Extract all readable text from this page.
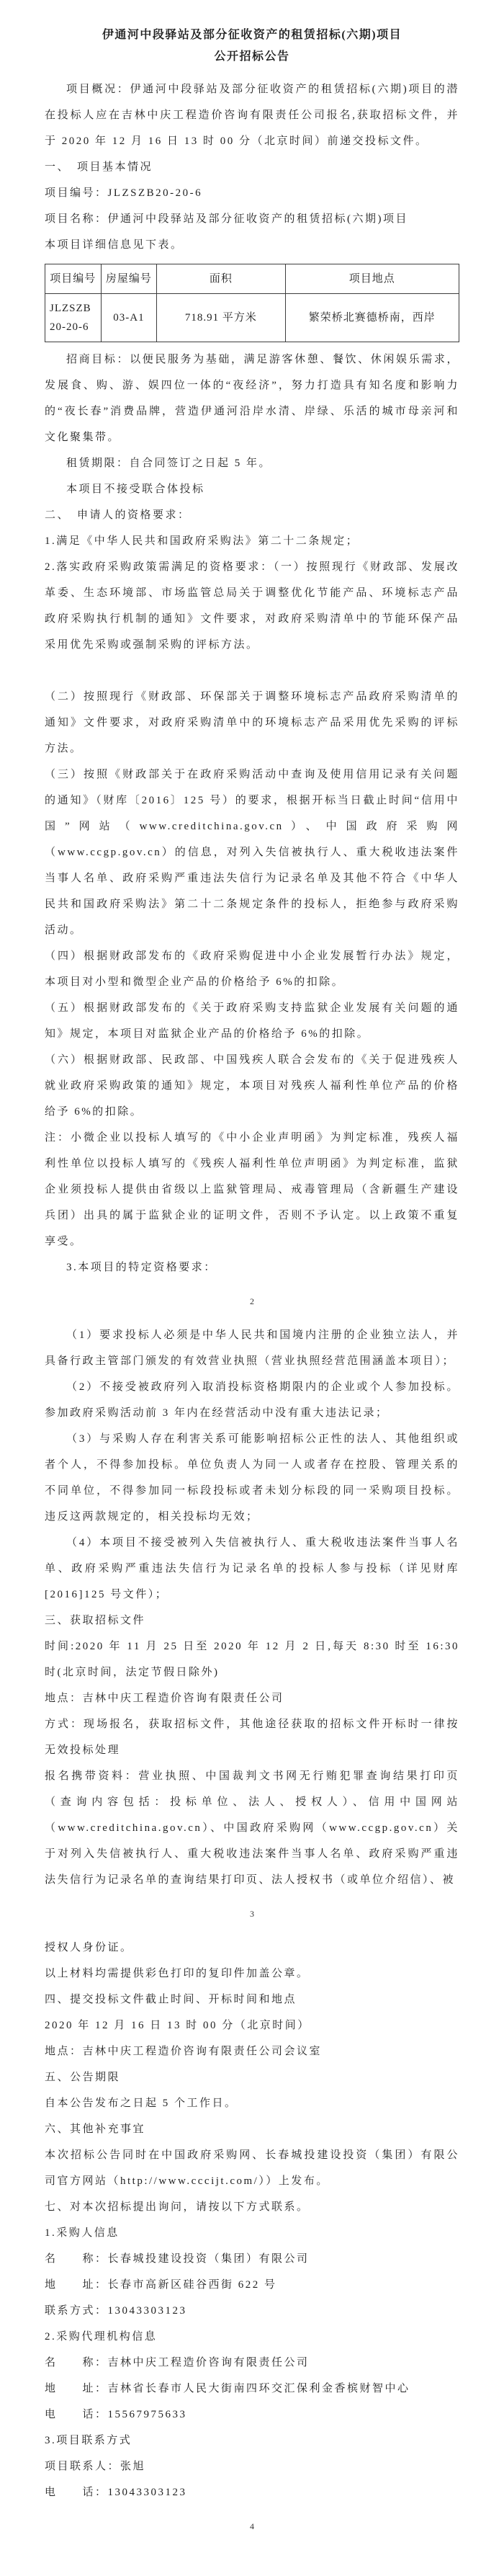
伊通河中段驿站及部分征收资产的租赁招标(六期)项目

公开招标公告

项目概况：伊通河中段驿站及部分征收资产的租赁招标(六期)项目的潜在投标人应在吉林中庆工程造价咨询有限责任公司报名,获取招标文件，并于 2020 年 12 月 16 日 13 时 00 分（北京时间）前递交投标文件。

一、　项目基本情况

项目编号：JLZSZB20-20-6

项目名称：伊通河中段驿站及部分征收资产的租赁招标(六期)项目

本项目详细信息见下表。

项目编号	房屋编号	面积	项目地点
JLZSZB20-20-6	03-A1	718.91 平方米	繁荣桥北赛德桥南，西岸

招商目标：以便民服务为基础，满足游客休憩、餐饮、休闲娱乐需求，发展食、购、游、娱四位一体的“夜经济”，努力打造具有知名度和影响力的“夜长春”消费品牌，营造伊通河沿岸水清、岸绿、乐活的城市母亲河和文化聚集带。

租赁期限：自合同签订之日起 5 年。

本项目不接受联合体投标

二、　申请人的资格要求：

1.满足《中华人民共和国政府采购法》第二十二条规定；

2.落实政府采购政策需满足的资格要求：（一）按照现行《财政部、发展改革委、生态环境部、市场监管总局关于调整优化节能产品、环境标志产品政府采购执行机制的通知》文件要求，对政府采购清单中的节能环保产品采用优先采购或强制采购的评标方法。

（二）按照现行《财政部、环保部关于调整环境标志产品政府采购清单的通知》文件要求，对政府采购清单中的环境标志产品采用优先采购的评标方法。

（三）按照《财政部关于在政府采购活动中查询及使用信用记录有关问题的通知》（财库〔2016〕125 号）的要求，根据开标当日截止时间“信用中国”网站（www.creditchina.gov.cn）、中国政府采购网（www.ccgp.gov.cn）的信息，对列入失信被执行人、重大税收违法案件当事人名单、政府采购严重违法失信行为记录名单及其他不符合《中华人民共和国政府采购法》第二十二条规定条件的投标人，拒绝参与政府采购活动。

（四）根据财政部发布的《政府采购促进中小企业发展暂行办法》规定，本项目对小型和微型企业产品的价格给予 6%的扣除。

（五）根据财政部发布的《关于政府采购支持监狱企业发展有关问题的通知》规定，本项目对监狱企业产品的价格给予 6%的扣除。

（六）根据财政部、民政部、中国残疾人联合会发布的《关于促进残疾人就业政府采购政策的通知》规定，本项目对残疾人福利性单位产品的价格给予 6%的扣除。

注：小微企业以投标人填写的《中小企业声明函》为判定标准，残疾人福利性单位以投标人填写的《残疾人福利性单位声明函》为判定标准，监狱企业须投标人提供由省级以上监狱管理局、戒毒管理局（含新疆生产建设兵团）出具的属于监狱企业的证明文件，否则不予认定。以上政策不重复享受。

3.本项目的特定资格要求：

2

（1）要求投标人必须是中华人民共和国境内注册的企业独立法人，并具备行政主管部门颁发的有效营业执照（营业执照经营范围涵盖本项目）；

（2）不接受被政府列入取消投标资格期限内的企业或个人参加投标。参加政府采购活动前 3 年内在经营活动中没有重大违法记录；

（3）与采购人存在利害关系可能影响招标公正性的法人、其他组织或者个人，不得参加投标。单位负责人为同一人或者存在控股、管理关系的不同单位，不得参加同一标段投标或者未划分标段的同一采购项目投标。违反这两款规定的，相关投标均无效；

（4）本项目不接受被列入失信被执行人、重大税收违法案件当事人名单、政府采购严重违法失信行为记录名单的投标人参与投标（详见财库[2016]125 号文件）；

三、获取招标文件

时间:2020 年 11 月 25 日至 2020 年 12 月 2 日,每天 8:30 时至 16:30 时(北京时间，法定节假日除外)

地点：吉林中庆工程造价咨询有限责任公司

方式：现场报名，获取招标文件，其他途径获取的招标文件开标时一律按无效投标处理

报名携带资料：营业执照、中国裁判文书网无行贿犯罪查询结果打印页（查询内容包括：投标单位、法人、授权人）、信用中国网站（www.creditchina.gov.cn）、中国政府采购网（www.ccgp.gov.cn）关于对列入失信被执行人、重大税收违法案件当事人名单、政府采购严重违法失信行为记录名单的查询结果打印页、法人授权书（或单位介绍信）、被

3

授权人身份证。

以上材料均需提供彩色打印的复印件加盖公章。

四、提交投标文件截止时间、开标时间和地点

2020 年 12 月 16 日 13 时 00 分（北京时间）

地点：吉林中庆工程造价咨询有限责任公司会议室

五、公告期限

自本公告发布之日起 5 个工作日。

六、其他补充事宜

本次招标公告同时在中国政府采购网、长春城投建设投资（集团）有限公司官方网站（http://www.cccijt.com/））上发布。

七、对本次招标提出询问，请按以下方式联系。

1.采购人信息

名　　称：长春城投建设投资（集团）有限公司

地　　址：长春市高新区硅谷西街 622 号

联系方式：13043303123

2.采购代理机构信息

名　　称：吉林中庆工程造价咨询有限责任公司

地　　址：吉林省长春市人民大街南四环交汇保利金香槟财智中心

电　　话：15567975633

3.项目联系方式

项目联系人：张旭

电　　话：13043303123

4
